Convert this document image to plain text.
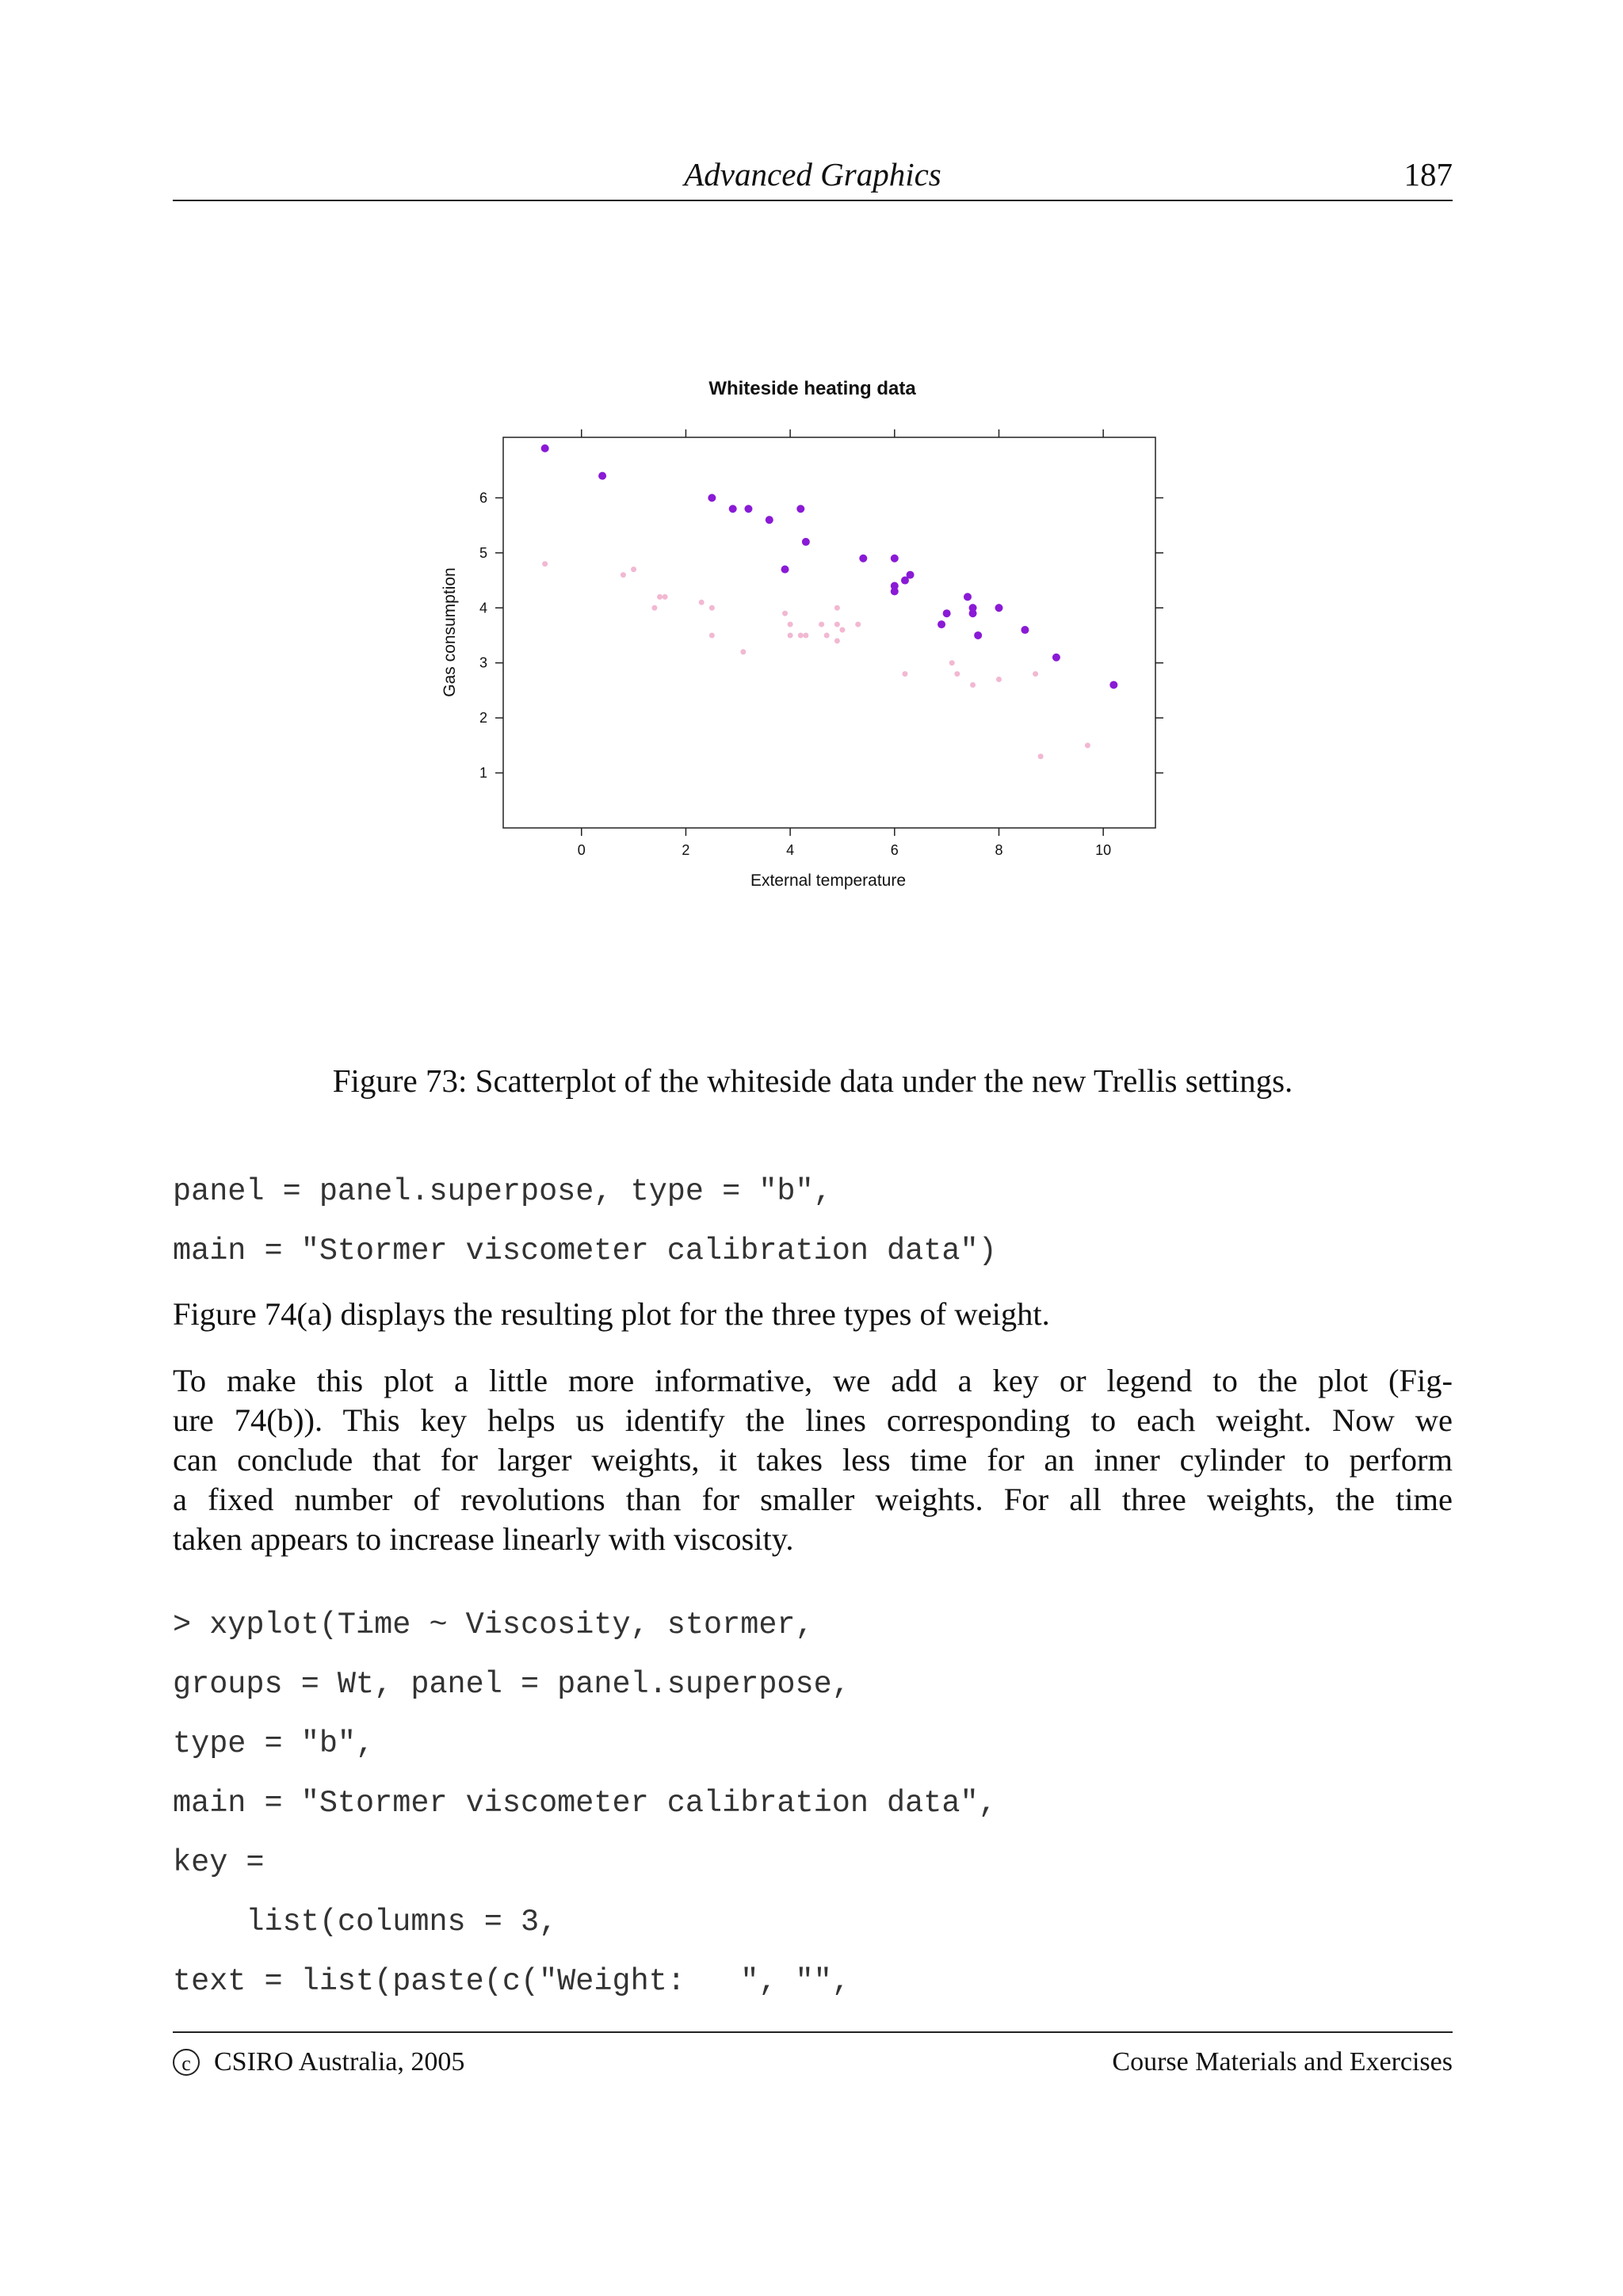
Advanced Graphics	187
Whiteside heating data
0	2	4	6	8	10
1
2
3
4
5
6
External temperature
Gas consumption
Figure 73: Scatterplot of the whiteside data under the new Trellis settings.
panel = panel.superpose, type = "b",
main = "Stormer viscometer calibration data")
Figure 74(a) displays the resulting plot for the three types of weight.
To make this plot a little more informative, we add a key or legend to the plot (Fig-
ure 74(b)). This key helps us identify the lines corresponding to each weight. Now we
can conclude that for larger weights, it takes less time for an inner cylinder to perform
a fixed number of revolutions than for smaller weights. For all three weights, the time
taken appears to increase linearly with viscosity.
> xyplot(Time ~ Viscosity, stormer,
groups = Wt, panel = panel.superpose,
type = "b",
main = "Stormer viscometer calibration data",
key =
list(columns = 3,
text = list(paste(c("Weight:   ", "",
c CSIRO Australia, 2005	Course Materials and Exercises
